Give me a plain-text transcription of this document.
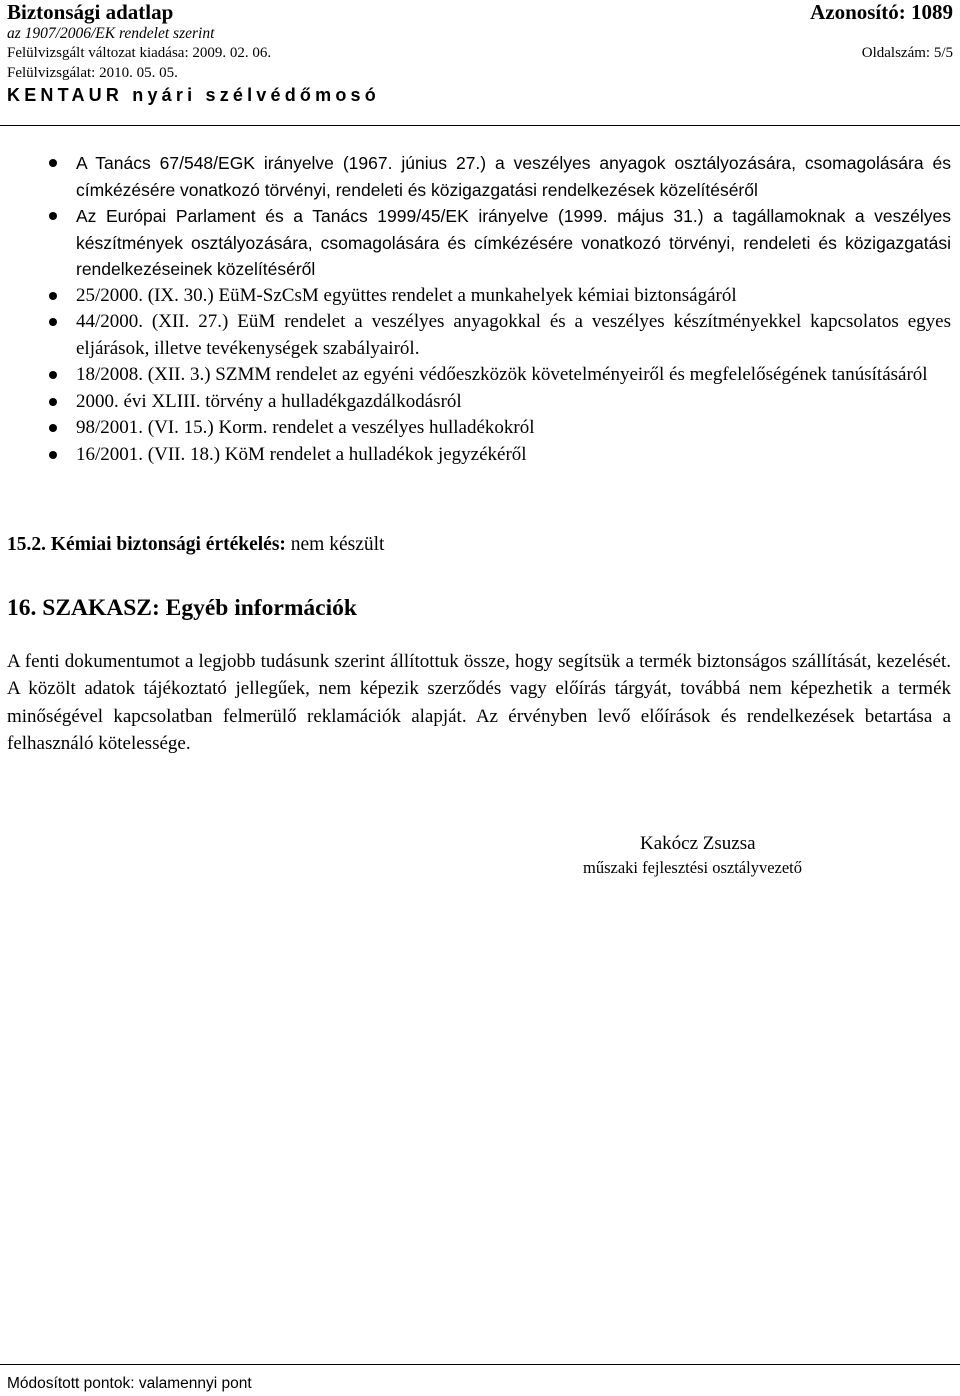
Biztonsági adatlap	Azonosító: 1089
az 1907/2006/EK rendelet szerint
Felülvizsgált változat kiadása: 2009. 02. 06.	Oldalszám: 5/5
Felülvizsgálat: 2010. 05. 05.
KENTAUR nyári szélvédőmosó
A Tanács 67/548/EGK irányelve (1967. június 27.) a veszélyes anyagok osztályozására, csomagolására és címkézésére vonatkozó törvényi, rendeleti és közigazgatási rendelkezések közelítéséről
Az Európai Parlament és a Tanács 1999/45/EK irányelve (1999. május 31.) a tagállamoknak a veszélyes készítmények osztályozására, csomagolására és címkézésére vonatkozó törvényi, rendeleti és közigazgatási rendelkezéseinek közelítéséről
25/2000. (IX. 30.) EüM-SzCsM együttes rendelet a munkahelyek kémiai biztonságáról
44/2000. (XII. 27.) EüM rendelet a veszélyes anyagokkal és a veszélyes készítményekkel kapcsolatos egyes eljárások, illetve tevékenységek szabályairól.
18/2008. (XII. 3.) SZMM rendelet az egyéni védőeszközök követelményeiről és megfelelőségének tanúsításáról
2000. évi XLIII. törvény a hulladékgazdálkodásról
98/2001. (VI. 15.) Korm. rendelet a veszélyes hulladékokról
16/2001. (VII. 18.) KöM rendelet a hulladékok jegyzékéről
15.2. Kémiai biztonsági értékelés: nem készült
16. SZAKASZ: Egyéb információk
A fenti dokumentumot a legjobb tudásunk szerint állítottuk össze, hogy segítsük a termék biztonságos szállítását, kezelését. A közölt adatok tájékoztató jellegűek, nem képezik szerződés vagy előírás tárgyát, továbbá nem képezhetik a termék minőségével kapcsolatban felmerülő reklamációk alapját. Az érvényben levő előírások és rendelkezések betartása a felhasználó kötelessége.
Kakócz Zsuzsa
műszaki fejlesztési osztályvezető
Módosított pontok: valamennyi pont
